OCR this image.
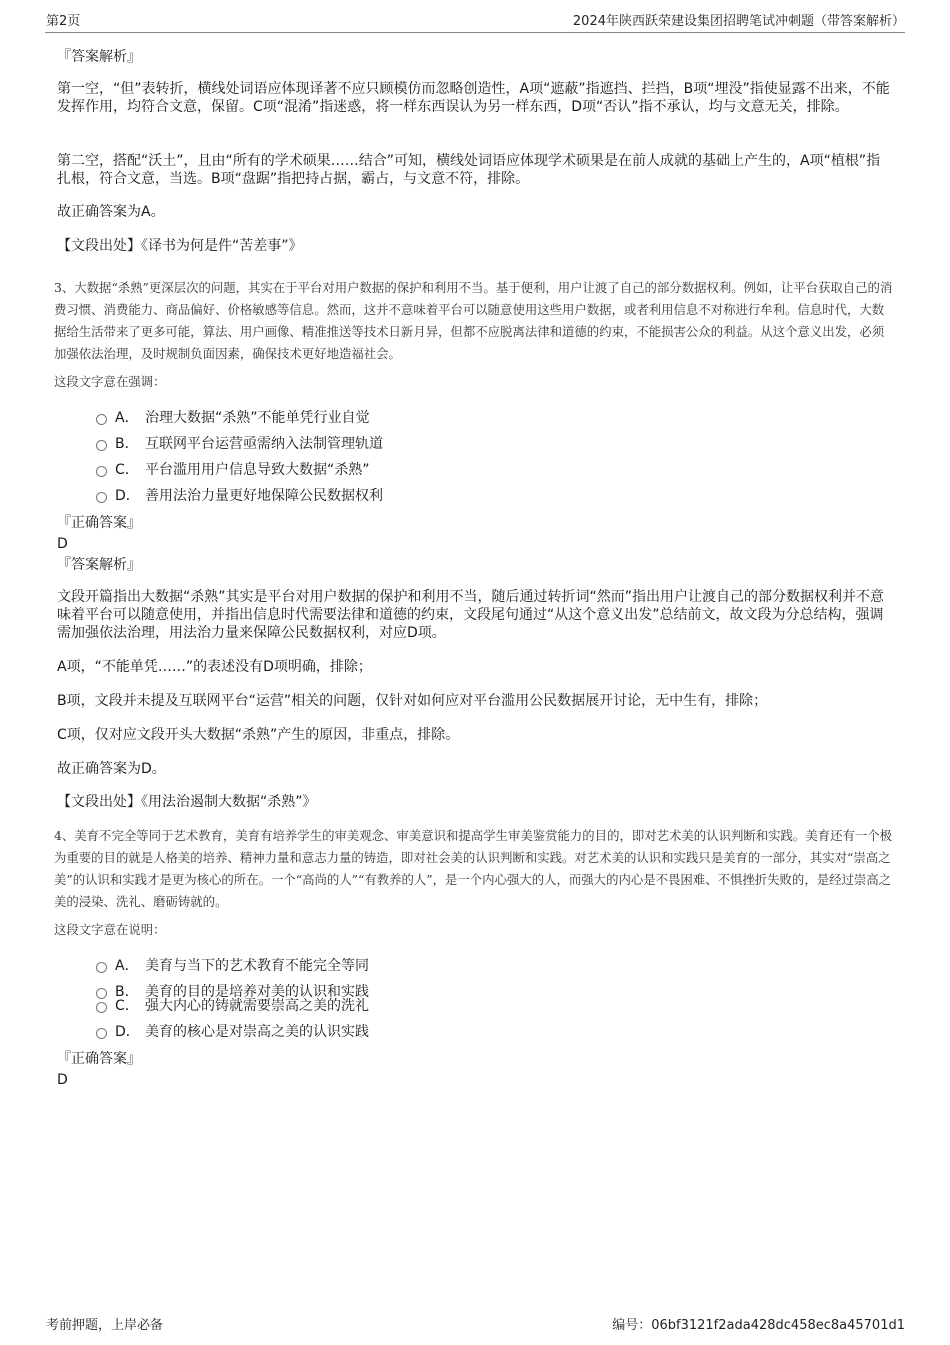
第2页	2024年陕西跃荣建设集团招聘笔试冲刺题（带答案解析）
『答案解析』
第一空，“但”表转折，横线处词语应体现译著不应只顾模仿而忽略创造性，A项“遮蔽”指遮挡、拦挡，B项“埋没”指使显露不出来，不能发挥作用，均符合文意，保留。C项“混淆”指迷惑，将一样东西误认为另一样东西，D项“否认”指不承认，均与文意无关，排除。
第二空，搭配“沃土”，且由“所有的学术硕果……结合”可知，横线处词语应体现学术硕果是在前人成就的基础上产生的，A项“植根”指扎根，符合文意，当选。B项“盘踞”指把持占据，霸占，与文意不符，排除。
故正确答案为A。
【文段出处】《译书为何是件“苦差事”》
3、大数据“杀熟”更深层次的问题，其实在于平台对用户数据的保护和利用不当。基于便利，用户让渡了自己的部分数据权利。例如，让平台获取自己的消费习惯、消费能力、商品偏好、价格敏感等信息。然而，这并不意味着平台可以随意使用这些用户数据，或者利用信息不对称进行牟利。信息时代，大数据给生活带来了更多可能，算法、用户画像、精准推送等技术日新月异，但都不应脱离法律和道德的约束，不能损害公众的利益。从这个意义出发，必须加强依法治理，及时规制负面因素，确保技术更好地造福社会。
这段文字意在强调：
A． 治理大数据“杀熟”不能单凭行业自觉
B． 互联网平台运营亟需纳入法制管理轨道
C． 平台滥用用户信息导致大数据“杀熟”
D． 善用法治力量更好地保障公民数据权利
『正确答案』
D
『答案解析』
文段开篇指出大数据“杀熟”其实是平台对用户数据的保护和利用不当，随后通过转折词“然而”指出用户让渡自己的部分数据权利并不意味着平台可以随意使用，并指出信息时代需要法律和道德的约束，文段尾句通过“从这个意义出发”总结前文，故文段为分总结构，强调需加强依法治理，用法治力量来保障公民数据权利，对应D项。
A项，“不能单凭……”的表述没有D项明确，排除；
B项，文段并未提及互联网平台“运营”相关的问题，仅针对如何应对平台滥用公民数据展开讨论，无中生有，排除；
C项，仅对应文段开头大数据“杀熟”产生的原因，非重点，排除。
故正确答案为D。
【文段出处】《用法治遏制大数据“杀熟”》
4、美育不完全等同于艺术教育，美育有培养学生的审美观念、审美意识和提高学生审美鉴赏能力的目的，即对艺术美的认识判断和实践。美育还有一个极为重要的目的就是人格美的培养、精神力量和意志力量的铸造，即对社会美的认识判断和实践。对艺术美的认识和实践只是美育的一部分，其实对“崇高之美”的认识和实践才是更为核心的所在。一个“高尚的人”“有教养的人”，是一个内心强大的人，而强大的内心是不畏困难、不惧挫折失败的，是经过崇高之美的浸染、洗礼、磨砺铸就的。
这段文字意在说明：
A． 美育与当下的艺术教育不能完全等同
B． 美育的目的是培养对美的认识和实践
C． 强大内心的铸就需要崇高之美的洗礼
D． 美育的核心是对崇高之美的认识实践
『正确答案』
D
考前押题，上岸必备	编号：06bf3121f2ada428dc458ec8a45701d1
